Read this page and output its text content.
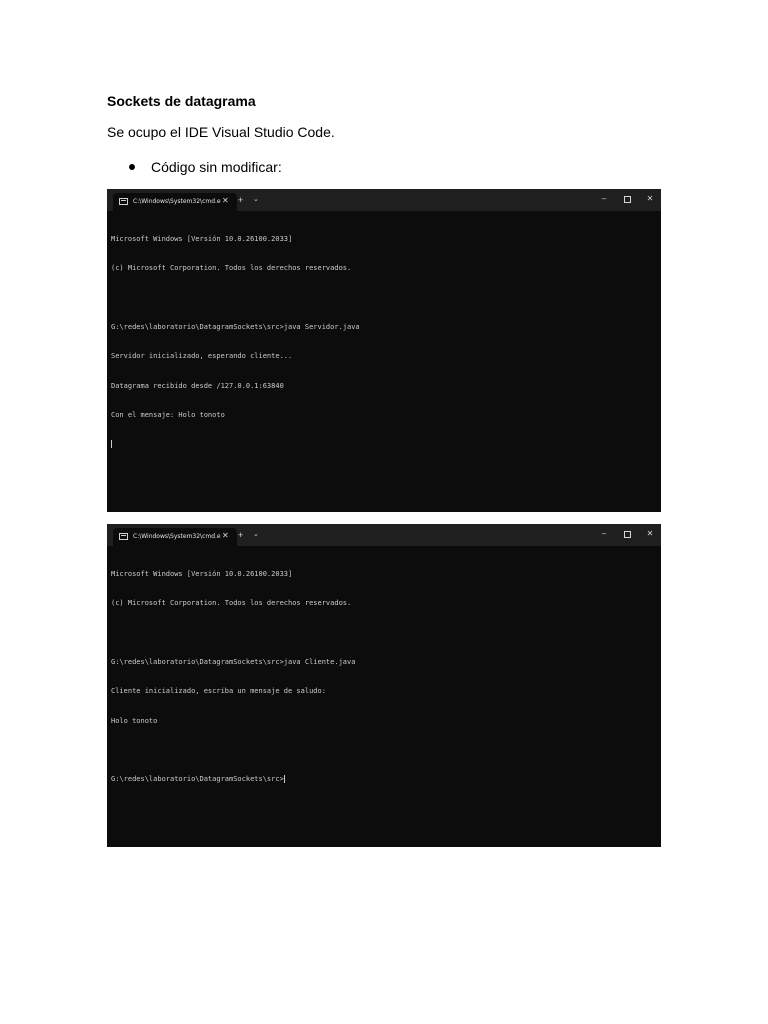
Sockets de datagrama
Se ocupo el IDE Visual Studio Code.
Código sin modificar:
C:\Windows\System32\cmd.e ✕ + ⌄	–	✕

Microsoft Windows [Versión 10.0.26100.2033]

(c) Microsoft Corporation. Todos los derechos reservados.

G:\redes\laboratorio\DatagramSockets\src>java Servidor.java

Servidor inicializado, esperando cliente...

Datagrama recibido desde /127.0.0.1:63840

Con el mensaje: Holo tonoto

C:\Windows\System32\cmd.e ✕ + ⌄	–	✕

Microsoft Windows [Versión 10.0.26100.2033]

(c) Microsoft Corporation. Todos los derechos reservados.

G:\redes\laboratorio\DatagramSockets\src>java Cliente.java

Cliente inicializado, escriba un mensaje de saludo:

Holo tonoto

G:\redes\laboratorio\DatagramSockets\src>
